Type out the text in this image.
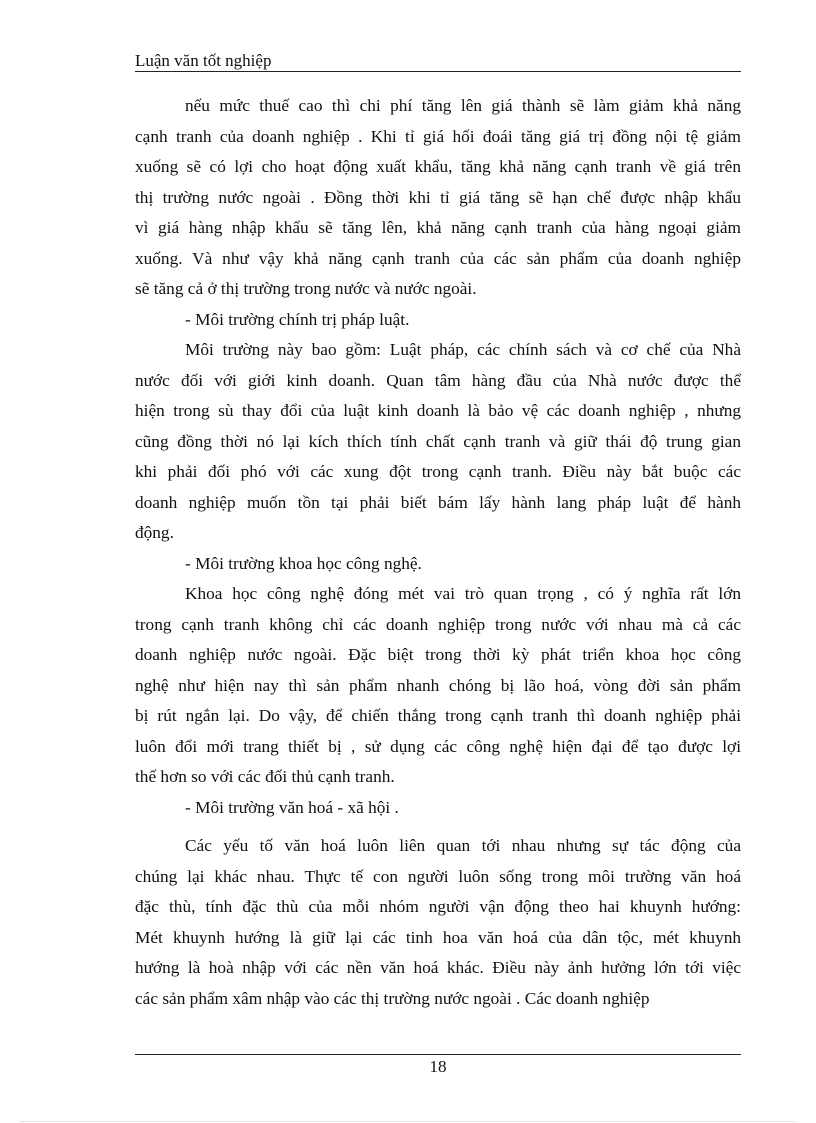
Luận văn tốt nghiệp
nếu mức thuế cao thì chi phí tăng lên giá thành sẽ làm giảm khả năng
cạnh tranh của doanh nghiệp . Khi tỉ giá hối đoái tăng giá trị đồng nội tệ giảm
xuống sẽ có lợi cho hoạt động xuất khẩu, tăng khả năng cạnh tranh về giá trên
thị trường nước ngoài . Đồng thời khi tỉ giá tăng sẽ hạn chế được nhập khẩu
vì giá hàng nhập khẩu sẽ tăng lên, khả năng cạnh tranh của hàng ngoại giảm
xuống. Và như vậy khả năng cạnh tranh của các sản phẩm của doanh nghiệp
sẽ tăng cả ở thị trường trong nước và nước ngoài.
- Môi trường chính trị pháp luật.
Môi trường này bao gồm: Luật pháp, các chính sách và cơ chế của Nhà
nước đối với giới kinh doanh. Quan tâm hàng đầu của Nhà nước được thể
hiện trong sù thay đổi của luật kinh doanh là bảo vệ các doanh nghiệp , nhưng
cũng đồng thời nó lại kích thích tính chất cạnh tranh và giữ thái độ trung gian
khi phải đối phó với các xung đột trong cạnh tranh. Điều này bắt buộc các
doanh nghiệp muốn tồn tại phải biết bám lấy hành lang pháp luật để hành
động.
- Môi trường khoa học công nghệ.
Khoa học công nghệ đóng mét vai trò quan trọng , có ý nghĩa rất lớn
trong cạnh tranh không chỉ các doanh nghiệp trong nước với nhau mà cả các
doanh nghiệp nước ngoài. Đặc biệt trong thời kỳ phát triển khoa học công
nghệ như hiện nay thì sản phẩm nhanh chóng bị lão hoá, vòng đời sản phẩm
bị rút ngắn lại. Do vậy, để chiến thắng trong cạnh tranh thì doanh nghiệp phải
luôn đổi mới trang thiết bị , sử dụng các công nghệ hiện đại để tạo được lợi
thế hơn so với các đối thủ cạnh tranh.
- Môi trường văn hoá - xã hội .
Các yếu tố văn hoá luôn liên quan tới nhau nhưng sự tác động của
chúng lại khác nhau. Thực tế con người luôn sống trong môi trường văn hoá
đặc thù, tính đặc thù của mỗi nhóm người vận động theo hai khuynh hướng:
Mét khuynh hướng là giữ lại các tinh hoa văn hoá của dân tộc, mét khuynh
hướng là hoà nhập với các nền văn hoá khác. Điều này ảnh hưởng lớn tới việc
các sản phẩm xâm nhập vào các thị trường nước ngoài . Các doanh nghiệp
18
